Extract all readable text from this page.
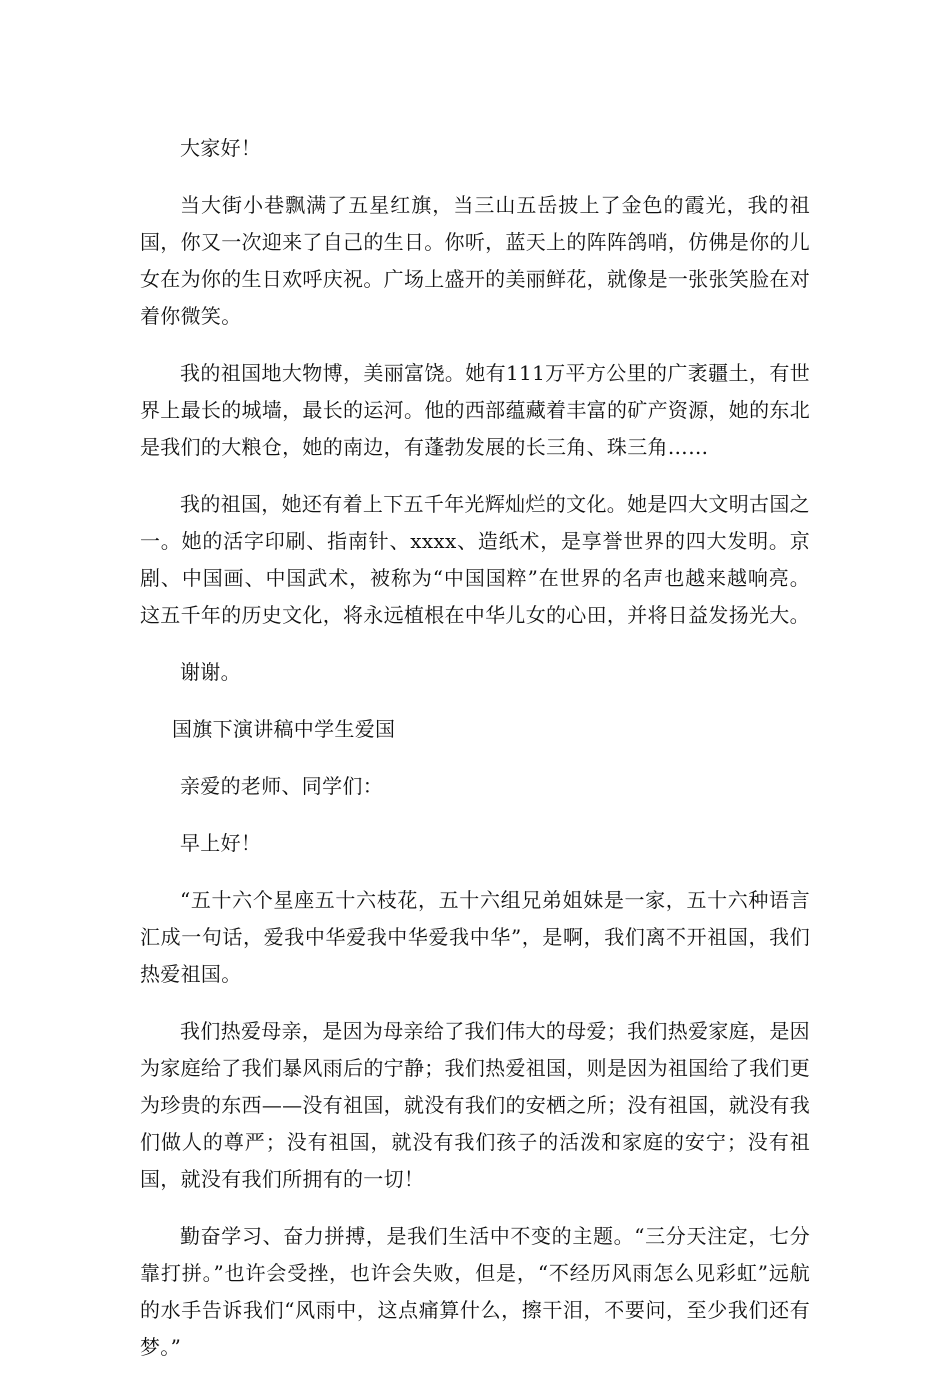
大家好！

当大街小巷飘满了五星红旗，当三山五岳披上了金色的霞光，我的祖国，你又一次迎来了自己的生日。你听，蓝天上的阵阵鸽哨，仿佛是你的儿女在为你的生日欢呼庆祝。广场上盛开的美丽鲜花，就像是一张张笑脸在对着你微笑。

我的祖国地大物博，美丽富饶。她有111万平方公里的广袤疆土，有世界上最长的城墙，最长的运河。他的西部蕴藏着丰富的矿产资源，她的东北是我们的大粮仓，她的南边，有蓬勃发展的长三角、珠三角……

我的祖国，她还有着上下五千年光辉灿烂的文化。她是四大文明古国之一。她的活字印刷、指南针、xxxx、造纸术，是享誉世界的四大发明。京剧、中国画、中国武术，被称为“中国国粹”在世界的名声也越来越响亮。这五千年的历史文化，将永远植根在中华儿女的心田，并将日益发扬光大。

谢谢。

国旗下演讲稿中学生爱国

亲爱的老师、同学们：

早上好！

“五十六个星座五十六枝花，五十六组兄弟姐妹是一家，五十六种语言汇成一句话，爱我中华爱我中华爱我中华”，是啊，我们离不开祖国，我们热爱祖国。

我们热爱母亲，是因为母亲给了我们伟大的母爱；我们热爱家庭，是因为家庭给了我们暴风雨后的宁静；我们热爱祖国，则是因为祖国给了我们更为珍贵的东西——没有祖国，就没有我们的安栖之所；没有祖国，就没有我们做人的尊严；没有祖国，就没有我们孩子的活泼和家庭的安宁；没有祖国，就没有我们所拥有的一切！

勤奋学习、奋力拼搏，是我们生活中不变的主题。“三分天注定，七分靠打拼。”也许会受挫，也许会失败，但是，“不经历风雨怎么见彩虹”远航的水手告诉我们“风雨中，这点痛算什么，擦干泪，不要问，至少我们还有梦。”
